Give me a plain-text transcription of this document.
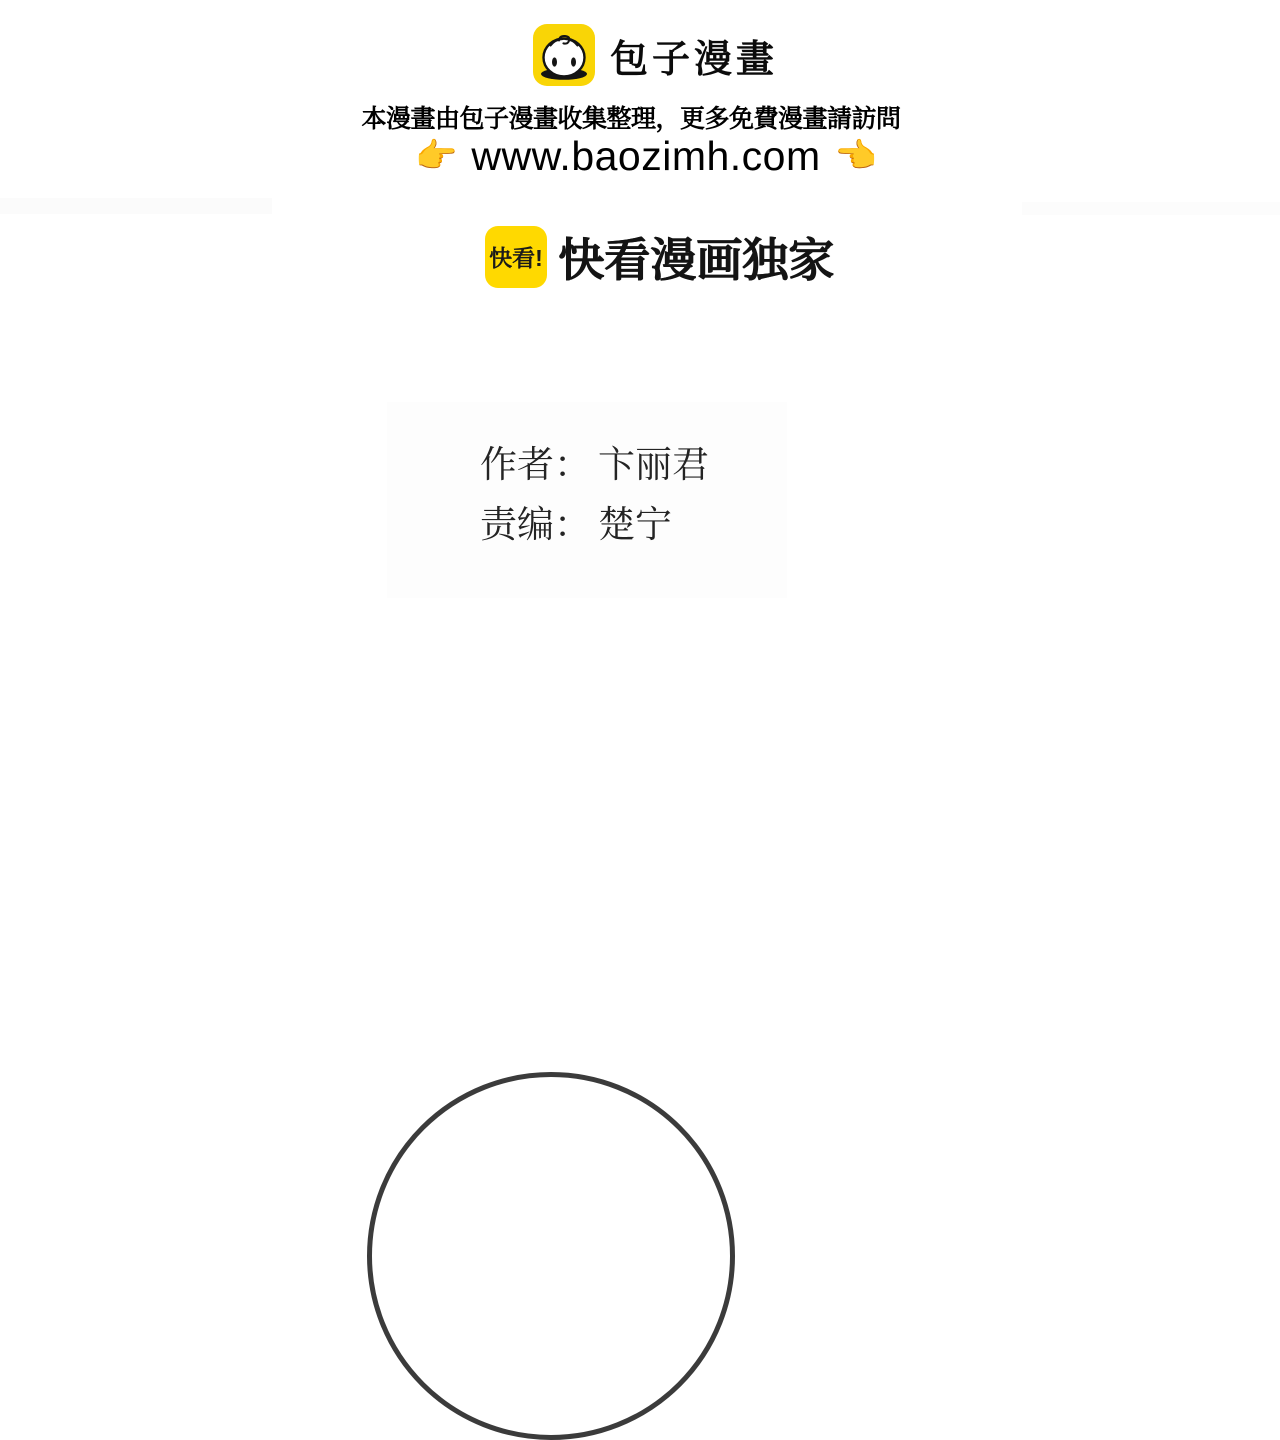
包子漫畫
本漫畫由包子漫畫收集整理，更多免費漫畫請訪問
👉 www.baozimh.com 👈
快看! 快看漫画独家
作者： 卞丽君
责编： 楚宁
